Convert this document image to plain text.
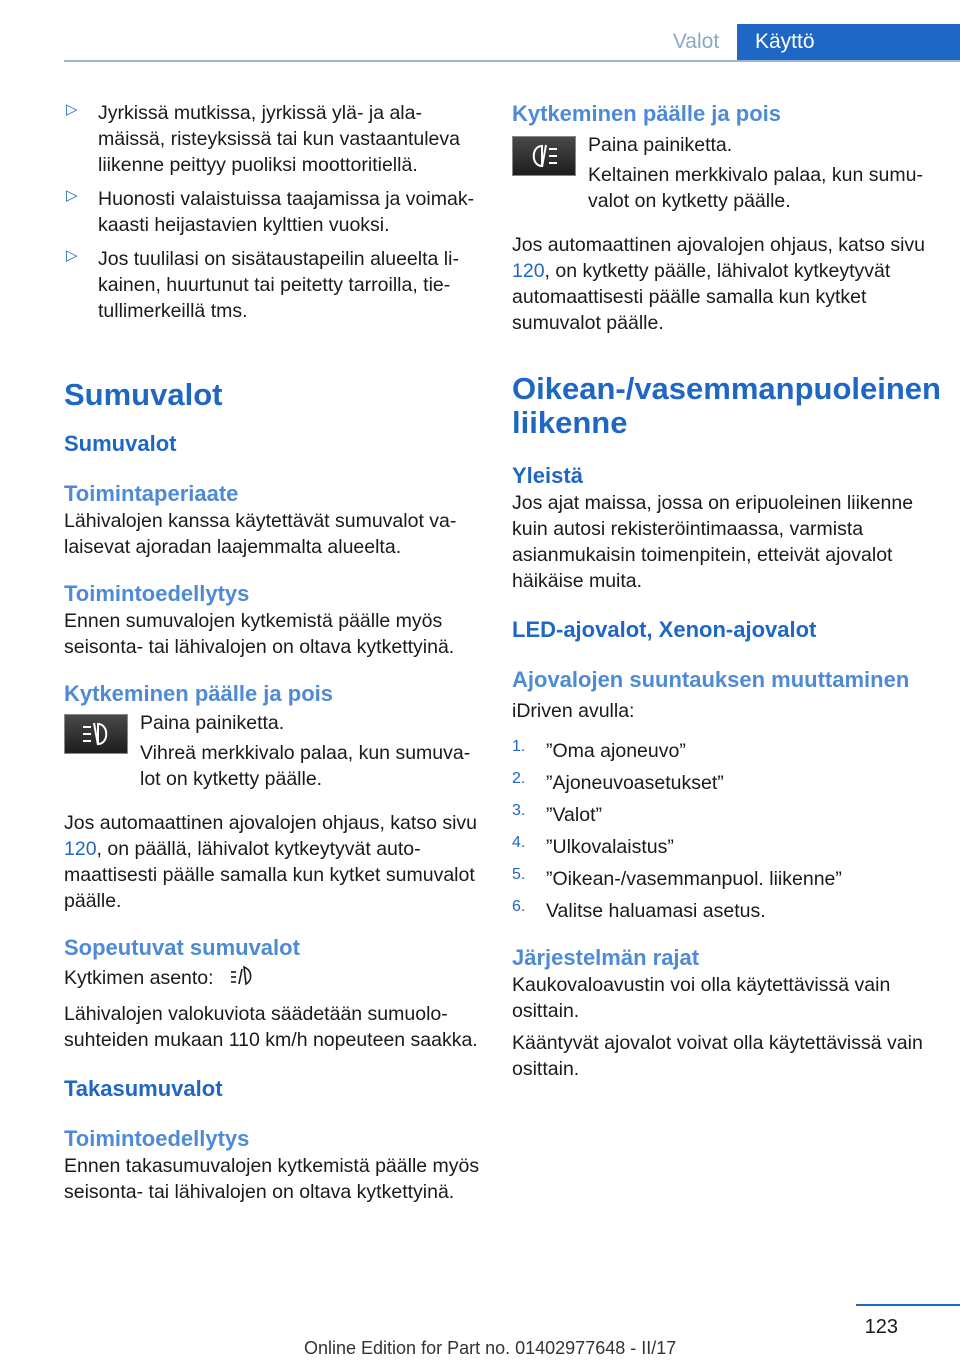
Valot	Käyttö
▷ Jyrkissä mutkissa, jyrkissä ylä- ja alamäissä, risteyksissä tai kun vastaantuleva liikenne peittyy puoliksi moottoritiellä.

▷ Huonosti valaistuissa taajamissa ja voimakkaasti heijastavien kylttien vuoksi.

▷ Jos tuulilasi on sisätaustapeilin alueelta likainen, huurtunut tai peitetty tarroilla, tietullimerkeillä tms.

Sumuvalot
Sumuvalot
Toimintaperiaate

Lähivalojen kanssa käytettävät sumuvalot valaisevat ajoradan laajemmalta alueelta.

Toimintoedellytys

Ennen sumuvalojen kytkemistä päälle myös seisonta- tai lähivalojen on oltava kytkettyinä.

Kytkeminen päälle ja pois

Paina painiketta.

Vihreä merkkivalo palaa, kun sumuvalot on kytketty päälle.

Jos automaattinen ajovalojen ohjaus, katso sivu 120, on päällä, lähivalot kytkeytyvät automaattisesti päälle samalla kun kytket sumuvalot päälle.

Sopeutuvat sumuvalot

Kytkimen asento:

Lähivalojen valokuviota säädetään sumuolosuhteiden mukaan 110 km/h nopeuteen saakka.

Takasumuvalot
Toimintoedellytys

Ennen takasumuvalojen kytkemistä päälle myös seisonta- tai lähivalojen on oltava kytkettyinä.

Kytkeminen päälle ja pois

Paina painiketta.

Keltainen merkkivalo palaa, kun sumuvalot on kytketty päälle.

Jos automaattinen ajovalojen ohjaus, katso sivu 120, on kytketty päälle, lähivalot kytkeytyvät automaattisesti päälle samalla kun kytket sumuvalot päälle.

Oikean-/vasemmanpuoleinen liikenne
Yleistä

Jos ajat maissa, jossa on eripuoleinen liikenne kuin autosi rekisteröintimaassa, varmista asianmukaisin toimenpitein, etteivät ajovalot häikäise muita.

LED-ajovalot, Xenon-ajovalot
Ajovalojen suuntauksen muuttaminen

iDriven avulla:

1. ”Oma ajoneuvo”

2. ”Ajoneuvoasetukset”

3. ”Valot”

4. ”Ulkovalaistus”

5. ”Oikean-/vasemmanpuol. liikenne”

6. Valitse haluamasi asetus.

Järjestelmän rajat

Kaukovaloavustin voi olla käytettävissä vain osittain.

Kääntyvät ajovalot voivat olla käytettävissä vain osittain.

123
Online Edition for Part no. 01402977648 - II/17
